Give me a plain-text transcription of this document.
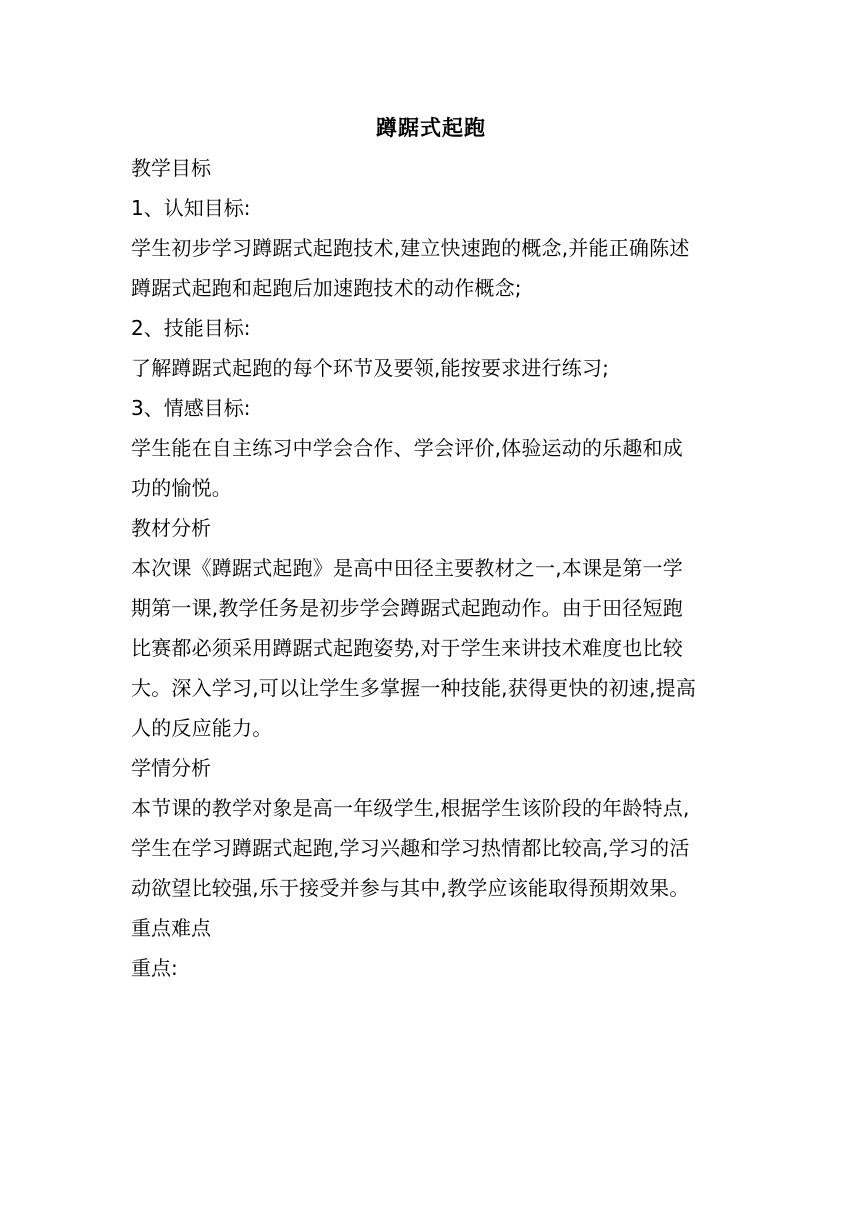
蹲踞式起跑
教学目标
1、认知目标:
学生初步学习蹲踞式起跑技术,建立快速跑的概念,并能正确陈述
蹲踞式起跑和起跑后加速跑技术的动作概念;
2、技能目标:
了解蹲踞式起跑的每个环节及要领,能按要求进行练习;
3、情感目标:
学生能在自主练习中学会合作、学会评价,体验运动的乐趣和成
功的愉悦。
教材分析
本次课《蹲踞式起跑》是高中田径主要教材之一,本课是第一学
期第一课,教学任务是初步学会蹲踞式起跑动作。由于田径短跑
比赛都必须采用蹲踞式起跑姿势,对于学生来讲技术难度也比较
大。深入学习,可以让学生多掌握一种技能,获得更快的初速,提高
人的反应能力。
学情分析
本节课的教学对象是高一年级学生,根据学生该阶段的年龄特点,
学生在学习蹲踞式起跑,学习兴趣和学习热情都比较高,学习的活
动欲望比较强,乐于接受并参与其中,教学应该能取得预期效果。
重点难点
重点:
